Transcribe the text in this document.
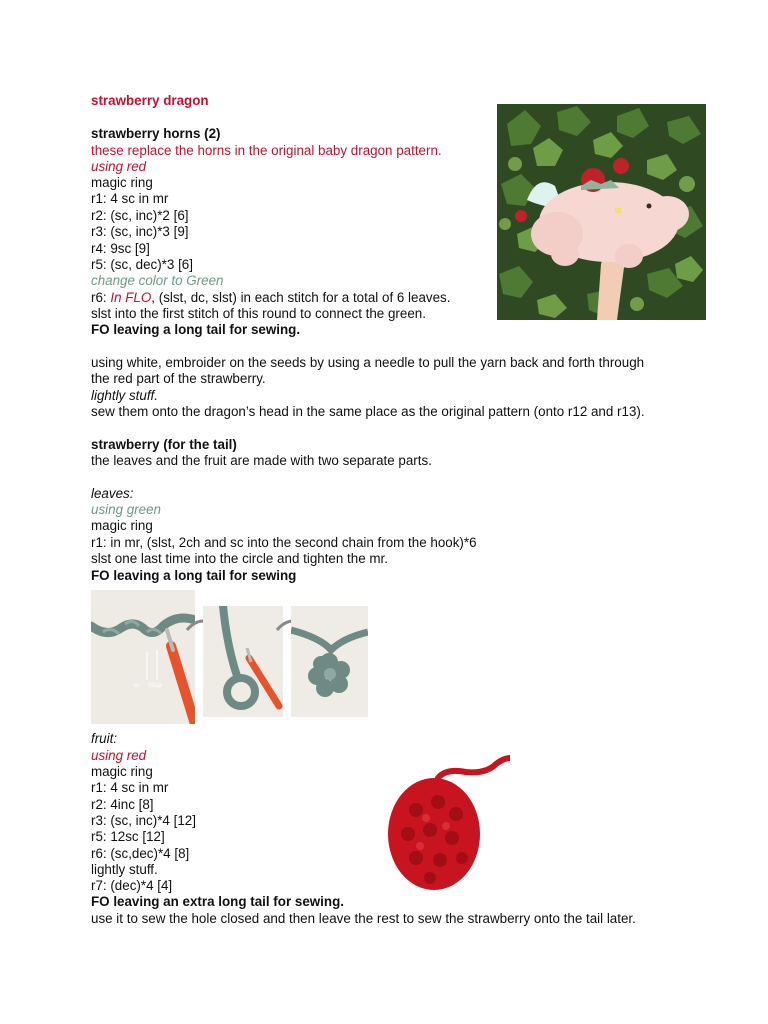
strawberry dragon
strawberry horns (2)
these replace the horns in the original baby dragon pattern.
using red
magic ring
r1: 4 sc in mr
r2: (sc, inc)*2 [6]
r3: (sc, inc)*3 [9]
r4: 9sc [9]
r5: (sc, dec)*3 [6]
change color to Green
r6: In FLO, (slst, dc, slst) in each stitch for a total of 6 leaves.
slst into the first stitch of this round to connect the green.
FO leaving a long tail for sewing.
using white, embroider on the seeds by using a needle to pull the yarn back and forth through
the red part of the strawberry.
lightly stuff.
sew them onto the dragon’s head in the same place as the original pattern (onto r12 and r13).
strawberry (for the tail)
the leaves and the fruit are made with two separate parts.
leaves:
using green
magic ring
r1: in mr, (slst, 2ch and sc into the second chain from the hook)*6
slst one last time into the circle and tighten the mr.
FO leaving a long tail for sewing
fruit:
using red
magic ring
r1: 4 sc in mr
r2: 4inc [8]
r3: (sc, inc)*4 [12]
r5: 12sc [12]
r6: (sc,dec)*4 [8]
lightly stuff.
r7: (dec)*4 [4]
FO leaving an extra long tail for sewing.
use it to sew the hole closed and then leave the rest to sew the strawberry onto the tail later.
sc Skip
